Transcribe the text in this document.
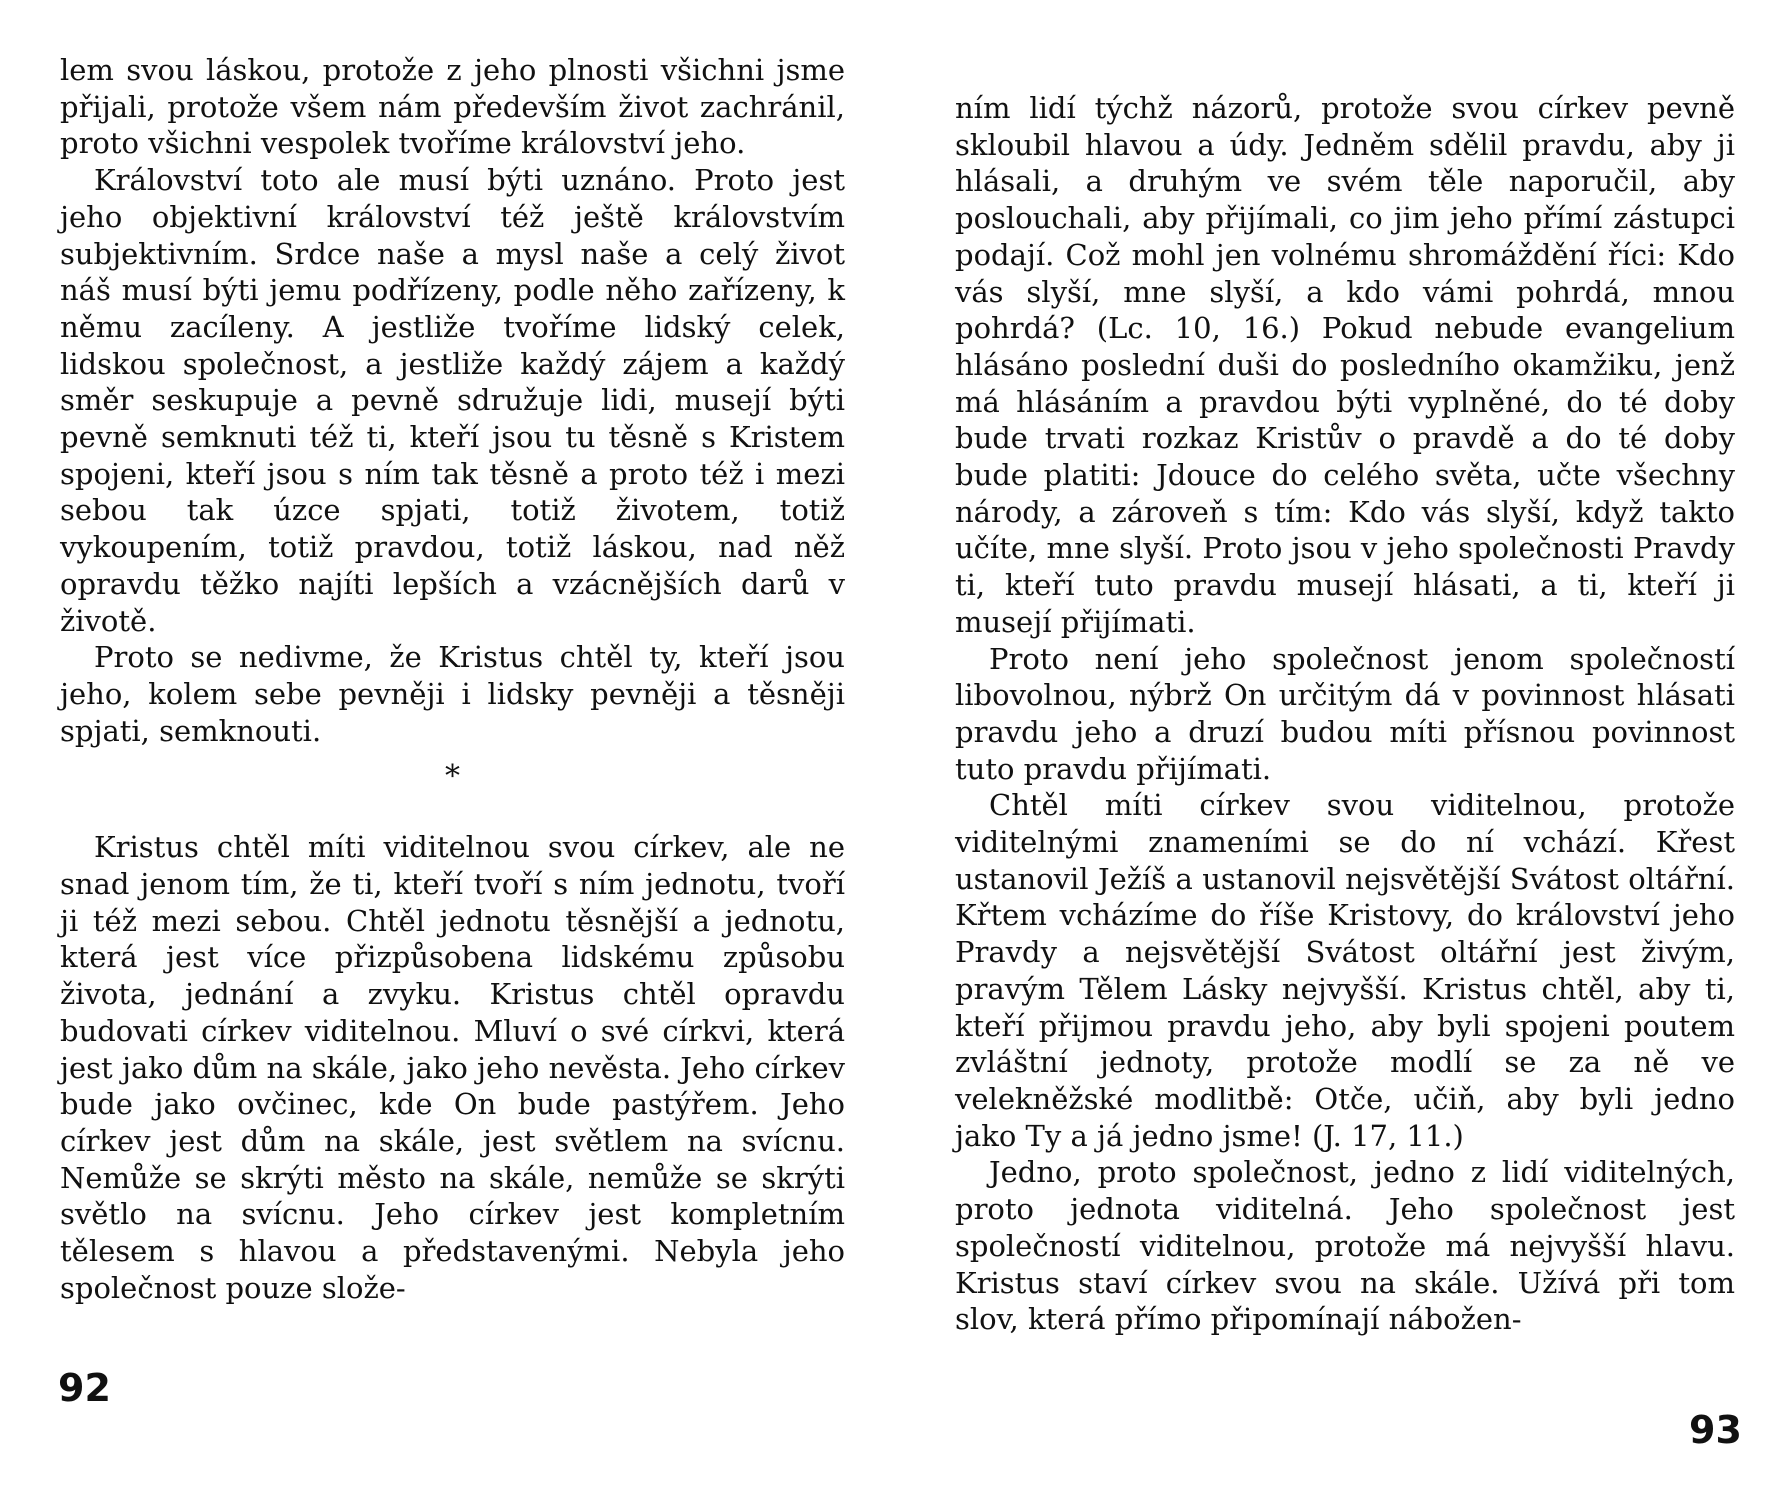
lem svou láskou, protože z jeho plnosti všichni jsme přijali, protože všem nám především život zachránil, proto všichni vespolek tvoříme království jeho.

Království toto ale musí býti uznáno. Proto jest jeho objektivní království též ještě královstvím subjektivním. Srdce naše a mysl naše a celý život náš musí býti jemu podřízeny, podle něho zařízeny, k němu zacíleny. A jestliže tvoříme lidský celek, lidskou společnost, a jestliže každý zájem a každý směr seskupuje a pevně sdružuje lidi, musejí býti pevně semknuti též ti, kteří jsou tu těsně s Kristem spojeni, kteří jsou s ním tak těsně a proto též i mezi sebou tak úzce spjati, totiž životem, totiž vykoupením, totiž pravdou, totiž láskou, nad něž opravdu těžko najíti lepších a vzácnějších darů v životě.

Proto se nedivme, že Kristus chtěl ty, kteří jsou jeho, kolem sebe pevněji i lidsky pevněji a těsněji spjati, semknouti.

*

Kristus chtěl míti viditelnou svou církev, ale ne snad jenom tím, že ti, kteří tvoří s ním jednotu, tvoří ji též mezi sebou. Chtěl jednotu těsnější a jednotu, která jest více přizpůsobena lidskému způsobu života, jednání a zvyku. Kristus chtěl opravdu budovati církev viditelnou. Mluví o své církvi, která jest jako dům na skále, jako jeho nevěsta. Jeho církev bude jako ovčinec, kde On bude pastýřem. Jeho církev jest dům na skále, jest světlem na svícnu. Nemůže se skrýti město na skále, nemůže se skrýti světlo na svícnu. Jeho církev jest kompletním tělesem s hlavou a představenými. Nebyla jeho společnost pouze slože-

92

ním lidí týchž názorů, protože svou církev pevně skloubil hlavou a údy. Jedněm sdělil pravdu, aby ji hlásali, a druhým ve svém těle naporučil, aby poslouchali, aby přijímali, co jim jeho přímí zástupci podají. Což mohl jen volnému shromáždění říci: Kdo vás slyší, mne slyší, a kdo vámi pohrdá, mnou pohrdá? (Lc. 10, 16.) Pokud nebude evangelium hlásáno poslední duši do posledního okamžiku, jenž má hlásáním a pravdou býti vyplněné, do té doby bude trvati rozkaz Kristův o pravdě a do té doby bude platiti: Jdouce do celého světa, učte všechny národy, a zároveň s tím: Kdo vás slyší, když takto učíte, mne slyší. Proto jsou v jeho společnosti Pravdy ti, kteří tuto pravdu musejí hlásati, a ti, kteří ji musejí přijímati.

Proto není jeho společnost jenom společností libovolnou, nýbrž On určitým dá v povinnost hlásati pravdu jeho a druzí budou míti přísnou povinnost tuto pravdu přijímati.

Chtěl míti církev svou viditelnou, protože viditelnými znameními se do ní vchází. Křest ustanovil Ježíš a ustanovil nejsvětější Svátost oltářní. Křtem vcházíme do říše Kristovy, do království jeho Pravdy a nejsvětější Svátost oltářní jest živým, pravým Tělem Lásky nejvyšší. Kristus chtěl, aby ti, kteří přijmou pravdu jeho, aby byli spojeni poutem zvláštní jednoty, protože modlí se za ně ve velekněžské modlitbě: Otče, učiň, aby byli jedno jako Ty a já jedno jsme! (J. 17, 11.)

Jedno, proto společnost, jedno z lidí viditelných, proto jednota viditelná. Jeho společnost jest společností viditelnou, protože má nejvyšší hlavu. Kristus staví církev svou na skále. Užívá při tom slov, která přímo připomínají nábožen-

93
